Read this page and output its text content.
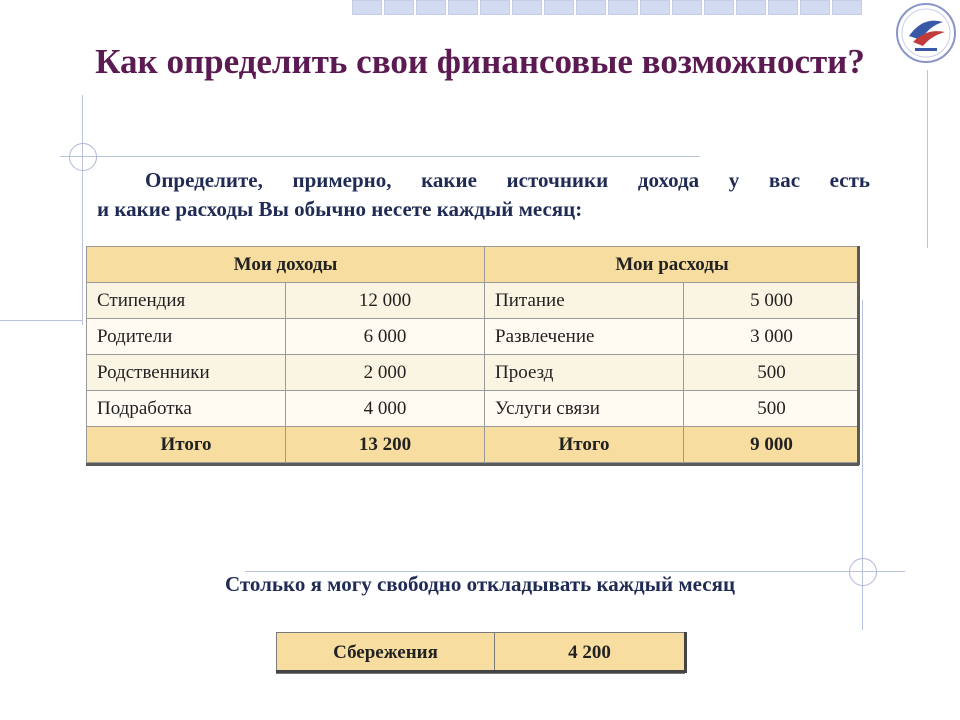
Как определить свои финансовые возможности?
Определите, примерно, какие источники дохода у вас есть
и какие расходы Вы обычно несете каждый месяц:
Мои доходы		Мои расходы	
Стипендия	12 000	Питание	5 000
Родители	6 000	Развлечение	3 000
Родственники	2 000	Проезд	500
Подработка	4 000	Услуги связи	500
Итого	13 200	Итого	9 000
Столько я могу свободно откладывать каждый месяц
Сбережения	4 200
